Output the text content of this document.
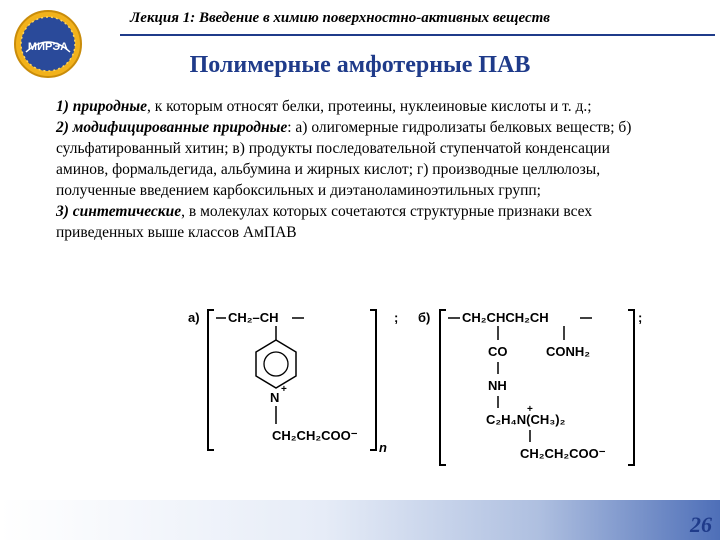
МИРЭА
Лекция 1: Введение в химию поверхностно-активных веществ
Полимерные амфотерные ПАВ

1) природные, к которым относят белки, протеины, нуклеиновые кислоты и т. д.;

2) модифицированные природные: а) олигомерные гидролизаты белковых веществ; б) сульфатированный хитин; в) продукты последовательной ступенчатой конденсации аминов, формальдегида, альбумина и жирных кислот; г) производные целлюлозы, полученные введением карбоксильных и диэтаноламиноэтильных групп;

3) синтетические, в молекулах которых сочетаются структурные признаки всех приведенных выше классов АмПАВ

а) CH₂–CH
N
+
CH₂CH₂COO⁻
n
; б) CH₂CHCH₂CH
CO	CONH₂
NH
C₂H₄N(CH₃)₂
+
CH₂CH₂COO⁻
;
26
